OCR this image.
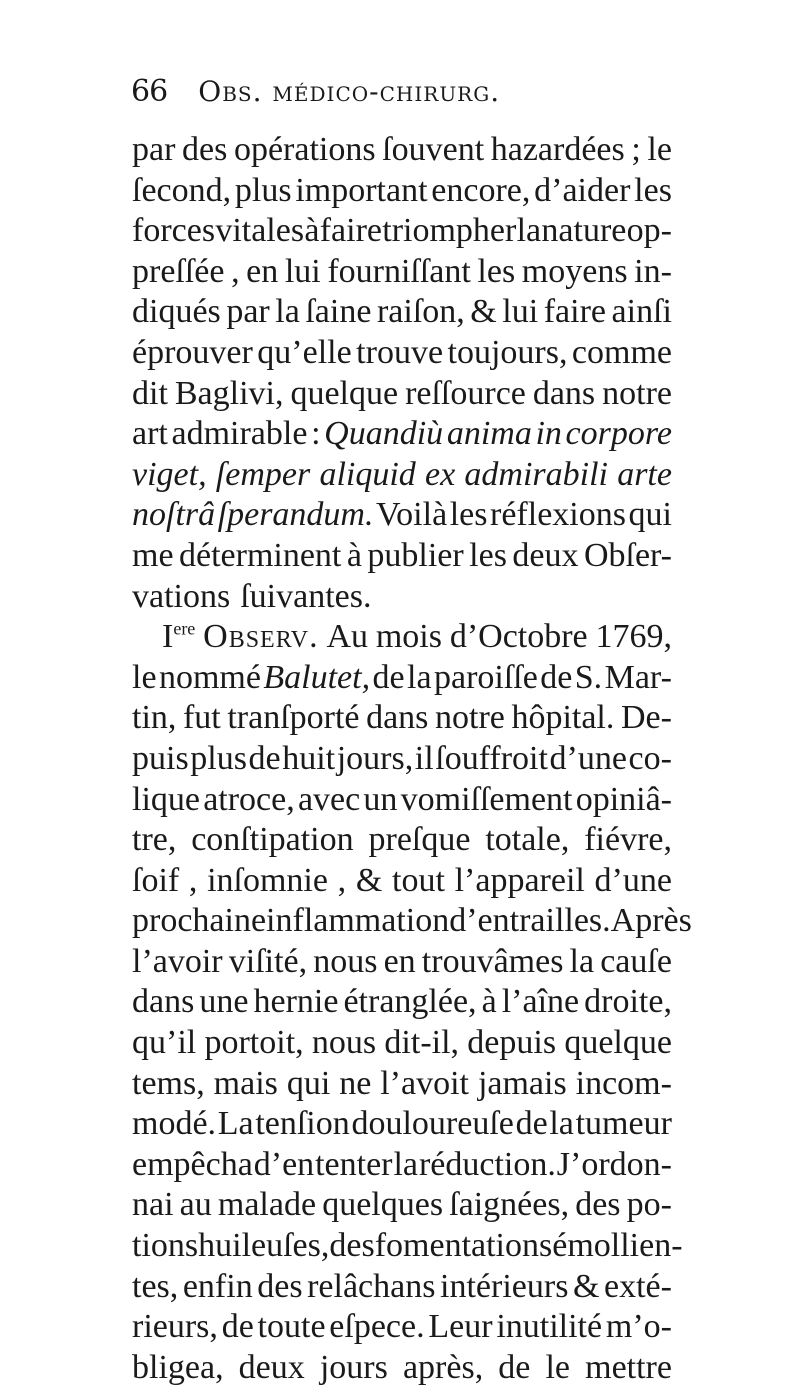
66 Obs. médico-chirurg.
par des opérations ſouvent hazardées ; le
ſecond, plus important encore, d’aider les
forces vitales à faire triompher la nature op-
preſſée , en lui fourniſſant les moyens in-
diqués par la ſaine raiſon, & lui faire ainſi
éprouver qu’elle trouve toujours, comme
dit Baglivi, quelque reſſource dans notre
art admirable : Quandiù anima in corpore
viget, ſemper aliquid ex admirabili arte
noſtrâ ſperandum. Voilà les réflexions qui
me déterminent à publier les deux Obſer-
vations ſuivantes.
Iere Observ. Au mois d’Octobre 1769,
le nommé Balutet, de la paroiſſe de S. Mar-
tin, fut tranſporté dans notre hôpital. De-
puis plus de huit jours, il ſouffroit d’une co-
lique atroce, avec un vomiſſement opiniâ-
tre, conſtipation preſque totale, fiévre,
ſoif , inſomnie , & tout l’appareil d’une
prochaine inflammation d’entrailles. Après
l’avoir viſité, nous en trouvâmes la cauſe
dans une hernie étranglée, à l’aîne droite,
qu’il portoit, nous dit-il, depuis quelque
tems, mais qui ne l’avoit jamais incom-
modé. La tenſion douloureuſe de la tumeur
empêcha d’en tenter la réduction. J’ordon-
nai au malade quelques ſaignées, des po-
tions huileuſes, des fomentations émollien-
tes, enfin des relâchans intérieurs & exté-
rieurs, de toute eſpece. Leur inutilité m’o-
bligea, deux jours après, de le mettre
